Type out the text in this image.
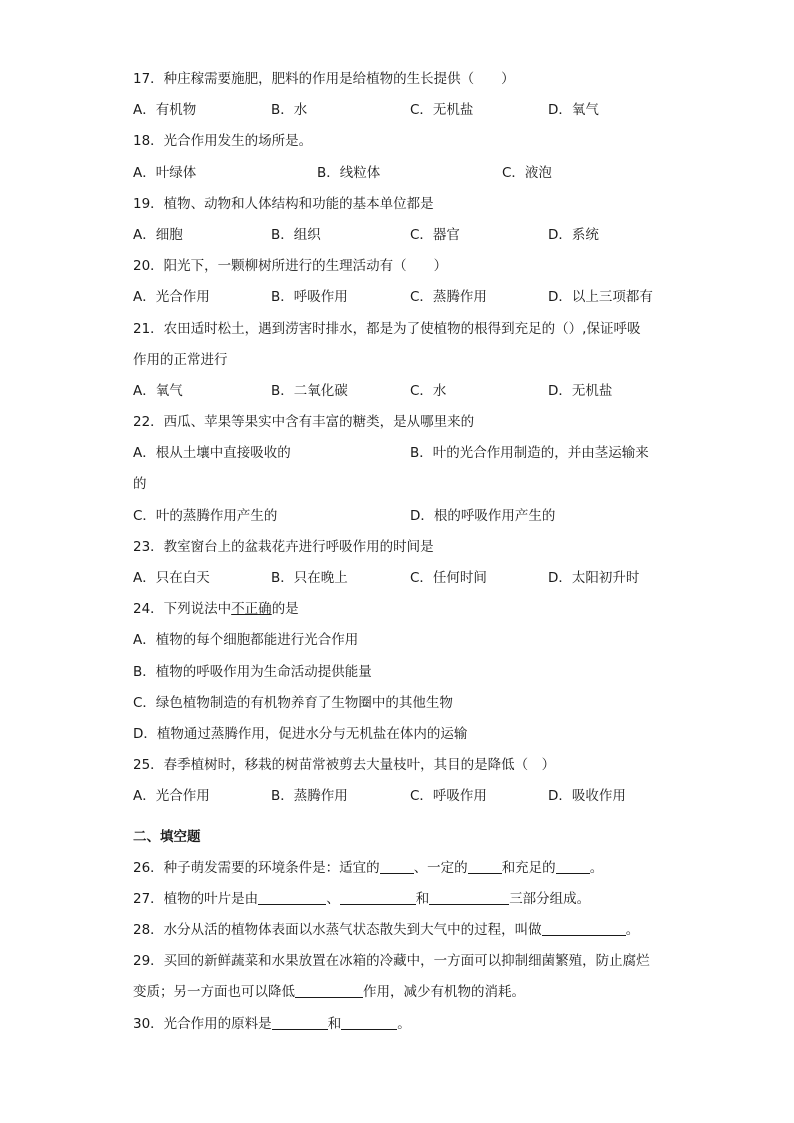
17．种庄稼需要施肥，肥料的作用是给植物的生长提供（　　）
A．有机物	B．水	C．无机盐	D．氧气
18．光合作用发生的场所是。
A．叶绿体	B．线粒体	C．液泡
19．植物、动物和人体结构和功能的基本单位都是
A．细胞	B．组织	C．器官	D．系统
20．阳光下，一颗柳树所进行的生理活动有（　　）
A．光合作用	B．呼吸作用	C．蒸腾作用	D．以上三项都有
21．农田适时松土，遇到涝害时排水，都是为了使植物的根得到充足的（）,保证呼吸
作用的正常进行
A．氧气	B．二氧化碳	C．水	D．无机盐
22．西瓜、苹果等果实中含有丰富的糖类，是从哪里来的
A．根从土壤中直接吸收的	B．叶的光合作用制造的，并由茎运输来
的
C．叶的蒸腾作用产生的	D．根的呼吸作用产生的
23．教室窗台上的盆栽花卉进行呼吸作用的时间是
A．只在白天	B．只在晚上	C．任何时间	D．太阳初升时
24．下列说法中不正确的是
A．植物的每个细胞都能进行光合作用
B．植物的呼吸作用为生命活动提供能量
C．绿色植物制造的有机物养育了生物圈中的其他生物
D．植物通过蒸腾作用，促进水分与无机盐在体内的运输
25．春季植树时，移栽的树苗常被剪去大量枝叶，其目的是降低（　）
A．光合作用	B．蒸腾作用	C．呼吸作用	D．吸收作用
二、填空题
26．种子萌发需要的环境条件是：适宜的	、一定的	和充足的	。
27．植物的叶片是由	、	和	三部分组成。
28．水分从活的植物体表面以水蒸气状态散失到大气中的过程，叫做	。
29．买回的新鲜蔬菜和水果放置在冰箱的冷藏中，一方面可以抑制细菌繁殖，防止腐烂
变质；另一方面也可以降低	作用，减少有机物的消耗。
30．光合作用的原料是	和	。
